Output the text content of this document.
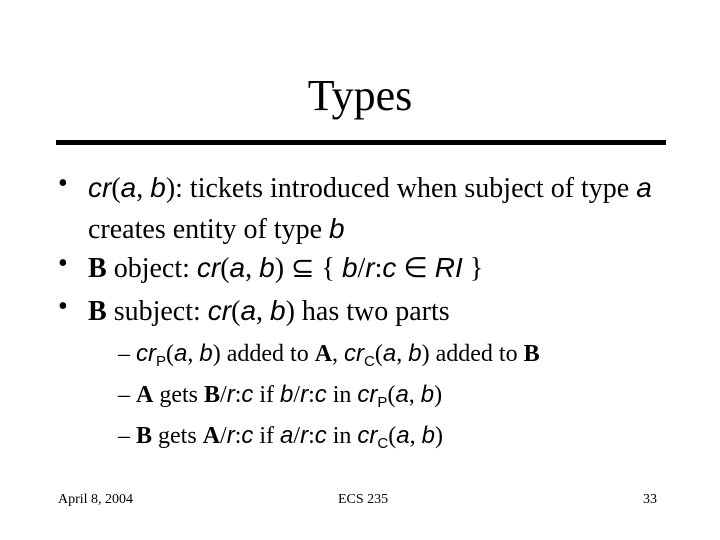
Types
• cr(a, b): tickets introduced when subject of type a creates entity of type b
• B object: cr(a, b) ⊆ { b/r:c ∈ RI }
• B subject: cr(a, b) has two parts
– $cr_P(a$, b) added to A, $cr_C(a$, b) added to B
– A gets B/r:c if b/r:c in $cr_P(a$, b)
– B gets A/r:c if a/r:c in $cr_C(a$, b)
April 8, 2004	ECS 235	33
